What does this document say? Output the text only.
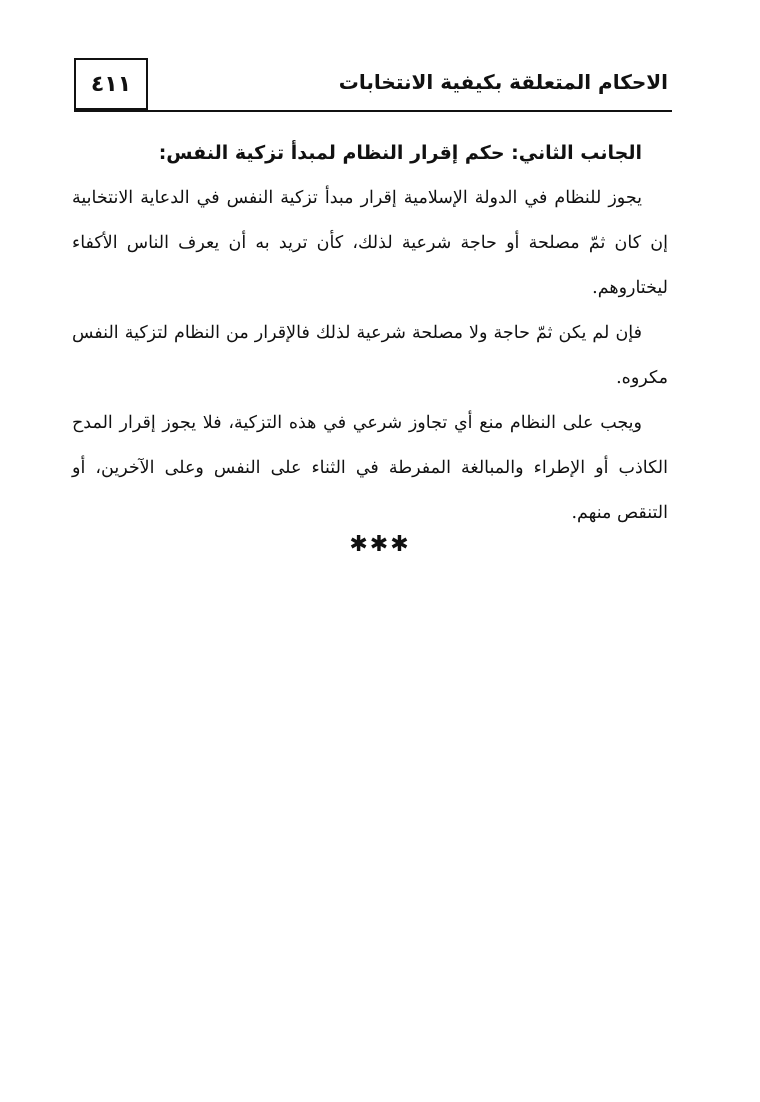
٤١١	الاحكام المتعلقة بكيفية الانتخابات

الجانب الثاني: حكم إقرار النظام لمبدأ تزكية النفس:

يجوز للنظام في الدولة الإسلامية إقرار مبدأ تزكية النفس في الدعاية الانتخابية إن كان ثمّ مصلحة أو حاجة شرعية لذلك، كأن تريد به أن يعرف الناس الأكفاء ليختاروهم.

فإن لم يكن ثمّ حاجة ولا مصلحة شرعية لذلك فالإقرار من النظام لتزكية النفس مكروه.

ويجب على النظام منع أي تجاوز شرعي في هذه التزكية، فلا يجوز إقرار المدح الكاذب أو الإطراء والمبالغة المفرطة في الثناء على النفس وعلى الآخرين، أو التنقص منهم.

✱✱✱
